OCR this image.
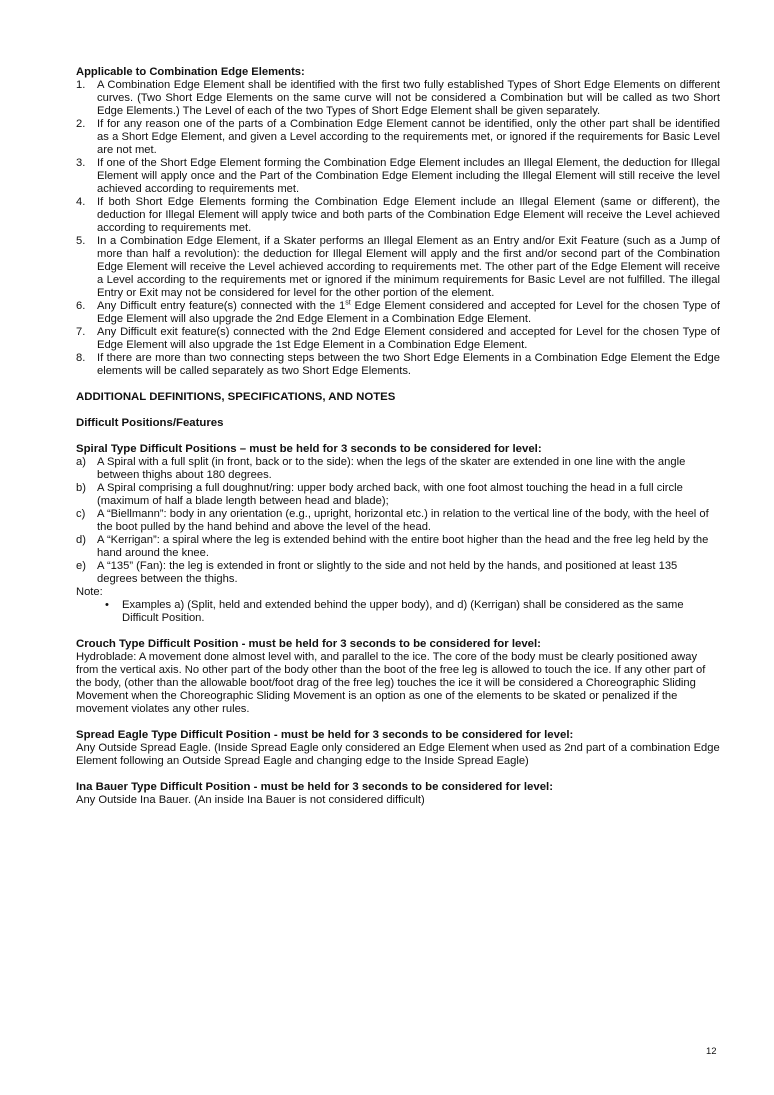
Applicable to Combination Edge Elements:
1. A Combination Edge Element shall be identified with the first two fully established Types of Short Edge Elements on different curves. (Two Short Edge Elements on the same curve will not be considered a Combination but will be called as two Short Edge Elements.) The Level of each of the two Types of Short Edge Element shall be given separately.
2. If for any reason one of the parts of a Combination Edge Element cannot be identified, only the other part shall be identified as a Short Edge Element, and given a Level according to the requirements met, or ignored if the requirements for Basic Level are not met.
3. If one of the Short Edge Element forming the Combination Edge Element includes an Illegal Element, the deduction for Illegal Element will apply once and the Part of the Combination Edge Element including the Illegal Element will still receive the level achieved according to requirements met.
4. If both Short Edge Elements forming the Combination Edge Element include an Illegal Element (same or different), the deduction for Illegal Element will apply twice and both parts of the Combination Edge Element will receive the Level achieved according to requirements met.
5. In a Combination Edge Element, if a Skater performs an Illegal Element as an Entry and/or Exit Feature (such as a Jump of more than half a revolution): the deduction for Illegal Element will apply and the first and/or second part of the Combination Edge Element will receive the Level achieved according to requirements met. The other part of the Edge Element will receive a Level according to the requirements met or ignored if the minimum requirements for Basic Level are not fulfilled. The illegal Entry or Exit may not be considered for level for the other portion of the element.
6. Any Difficult entry feature(s) connected with the 1st Edge Element considered and accepted for Level for the chosen Type of Edge Element will also upgrade the 2nd Edge Element in a Combination Edge Element.
7. Any Difficult exit feature(s) connected with the 2nd Edge Element considered and accepted for Level for the chosen Type of Edge Element will also upgrade the 1st Edge Element in a Combination Edge Element.
8. If there are more than two connecting steps between the two Short Edge Elements in a Combination Edge Element the Edge elements will be called separately as two Short Edge Elements.
ADDITIONAL DEFINITIONS, SPECIFICATIONS, AND NOTES
Difficult Positions/Features
Spiral Type Difficult Positions – must be held for 3 seconds to be considered for level:
a) A Spiral with a full split (in front, back or to the side): when the legs of the skater are extended in one line with the angle between thighs about 180 degrees.
b) A Spiral comprising a full doughnut/ring: upper body arched back, with one foot almost touching the head in a full circle (maximum of half a blade length between head and blade);
c) A “Biellmann”: body in any orientation (e.g., upright, horizontal etc.) in relation to the vertical line of the body, with the heel of the boot pulled by the hand behind and above the level of the head.
d) A “Kerrigan”: a spiral where the leg is extended behind with the entire boot higher than the head and the free leg held by the hand around the knee.
e) A “135” (Fan): the leg is extended in front or slightly to the side and not held by the hands, and positioned at least 135 degrees between the thighs.
Note:
• Examples a) (Split, held and extended behind the upper body), and d) (Kerrigan) shall be considered as the same Difficult Position.
Crouch Type Difficult Position - must be held for 3 seconds to be considered for level:
Hydroblade: A movement done almost level with, and parallel to the ice. The core of the body must be clearly positioned away from the vertical axis. No other part of the body other than the boot of the free leg is allowed to touch the ice. If any other part of the body, (other than the allowable boot/foot drag of the free leg) touches the ice it will be considered a Choreographic Sliding Movement when the Choreographic Sliding Movement is an option as one of the elements to be skated or penalized if the movement violates any other rules.
Spread Eagle Type Difficult Position - must be held for 3 seconds to be considered for level:
Any Outside Spread Eagle. (Inside Spread Eagle only considered an Edge Element when used as 2nd part of a combination Edge Element following an Outside Spread Eagle and changing edge to the Inside Spread Eagle)
Ina Bauer Type Difficult Position - must be held for 3 seconds to be considered for level:
Any Outside Ina Bauer. (An inside Ina Bauer is not considered difficult)
12
